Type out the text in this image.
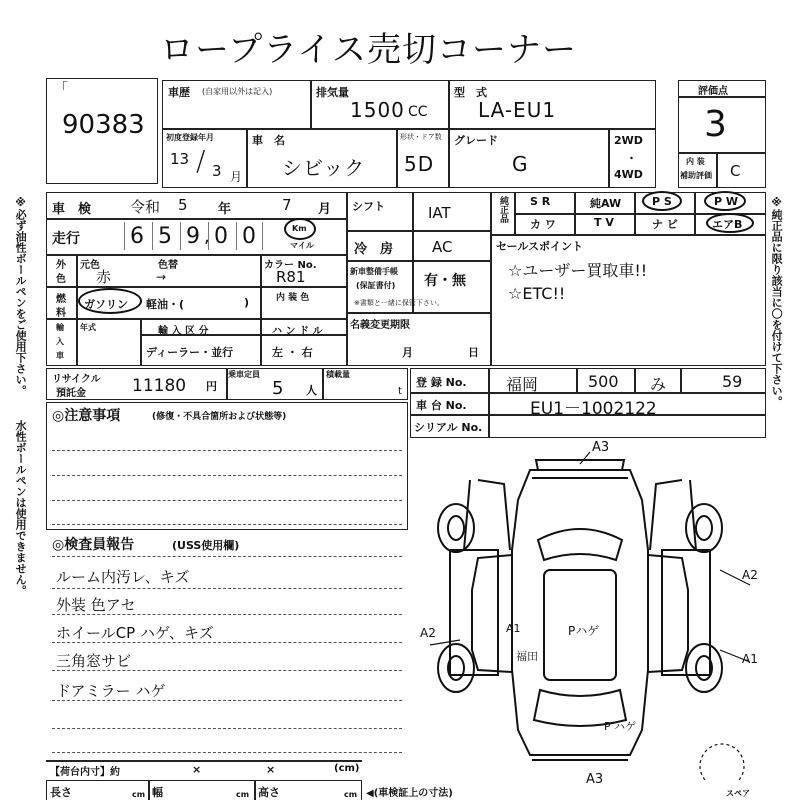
ロープライス売切コーナー
※必ず油性ボールペンをご使用下さい。
水性ボールペンは使用できません。
※純正品に限り該当に〇を付けて下さい。
「
90383
車歴 (自家用以外は記入)	排気量
1500 CC
型　式
LA-EU1
初度登録年月
13 / 3 月
車　名
シビック
形状・ドア数
5D
グレード
G
2WD
・
4WD
評価点
3
内 装
補助評価 C
車　検	令和 5 年	7 月
走行 6 5 9 , 0 0	Km
マイル
シフト	IAT
冷　房	AC
純正品 S R	純AW	P S	P W
カ ワ	T V	ナ ビ	エアB
外
色
元色
赤
色替
→
カラー No.
R81	新車整備手帳
(保証書付) 有・無
※書類と一緒に保管下さい。
セールスポイント
☆ユーザー買取車!!
☆ETC!!
燃
料
ガソリン 軽油・(	)	内 装 色
輸
入
車
年式	輸 入 区 分
ディーラー・並行
ハ ン ド ル
左 ・ 右
名義変更期限
月	日
リサイクル
預託金	11180 円
乗車定員
5 人
積載量
t
登 録 No. 福岡	500 み	59
車 台 No.	EU1－1002122
シリアル No.
◎注意事項	(修復・不具合箇所および状態等)
◎検査員報告	(USS使用欄)
ルーム内汚レ、キズ
外装 色アセ
ホイールCP ハゲ、キズ
三角窓サビ
ドアミラー ハゲ
A3
A3
A2
A2
A1
A1	Pハゲ
P ハゲ
福田
【荷台内寸】約	×	×	(cm)
長さ	cm 幅	cm 高さ	cm ◀(車検証上の寸法)	スペア
